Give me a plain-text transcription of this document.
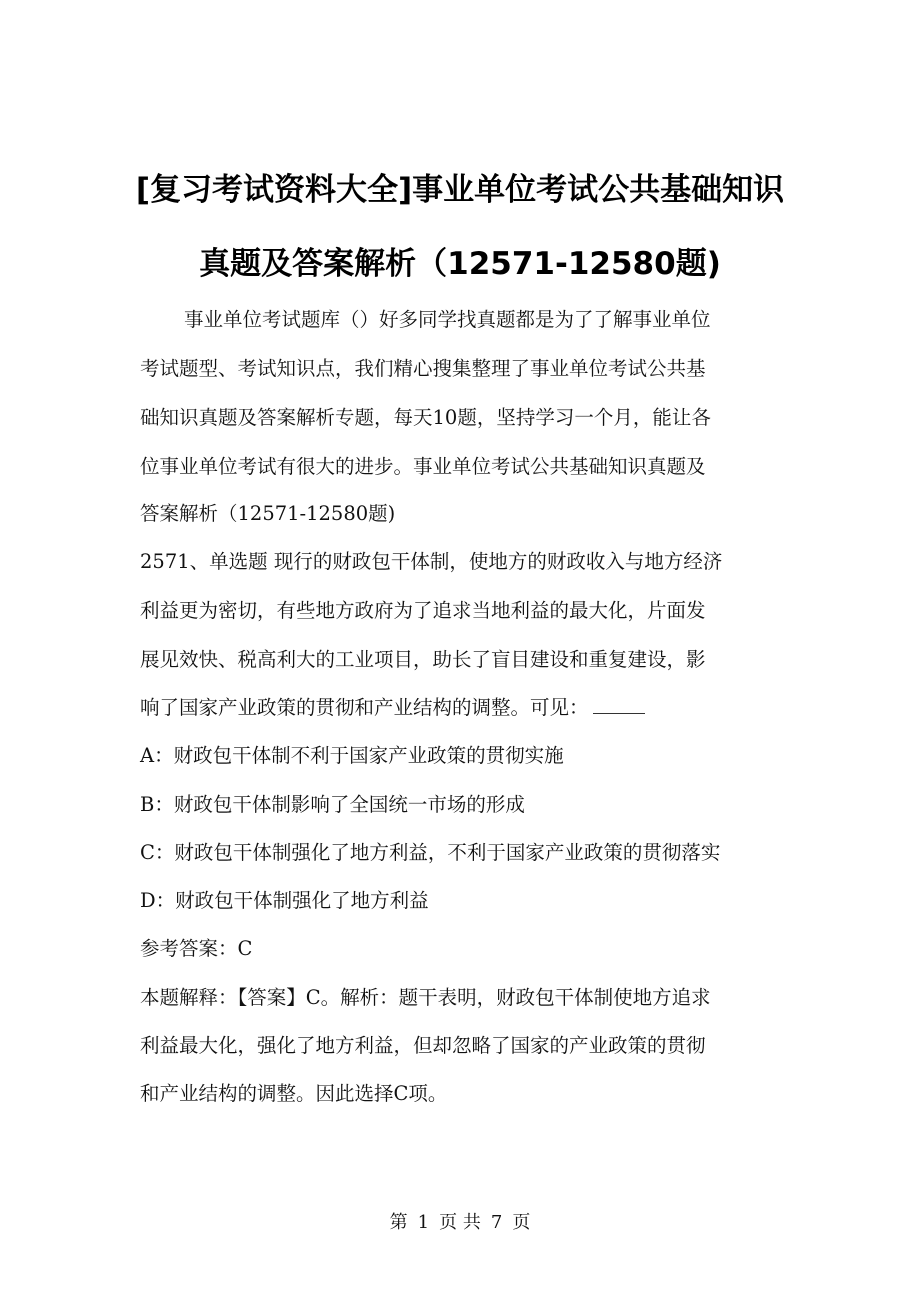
[复习考试资料大全]事业单位考试公共基础知识
真题及答案解析（12571-12580题)
事业单位考试题库（）好多同学找真题都是为了了解事业单位
考试题型、考试知识点，我们精心搜集整理了事业单位考试公共基
础知识真题及答案解析专题，每天10题，坚持学习一个月，能让各
位事业单位考试有很大的进步。事业单位考试公共基础知识真题及
答案解析（12571-12580题)
2571、单选题 现行的财政包干体制，使地方的财政收入与地方经济
利益更为密切，有些地方政府为了追求当地利益的最大化，片面发
展见效快、税高利大的工业项目，助长了盲目建设和重复建设，影
响了国家产业政策的贯彻和产业结构的调整。可见：
A：财政包干体制不利于国家产业政策的贯彻实施
B：财政包干体制影响了全国统一市场的形成
C：财政包干体制强化了地方利益，不利于国家产业政策的贯彻落实
D：财政包干体制强化了地方利益
参考答案：C
本题解释：【答案】C。解析：题干表明，财政包干体制使地方追求
利益最大化，强化了地方利益，但却忽略了国家的产业政策的贯彻
和产业结构的调整。因此选择C项。
第 1 页 共 7 页
